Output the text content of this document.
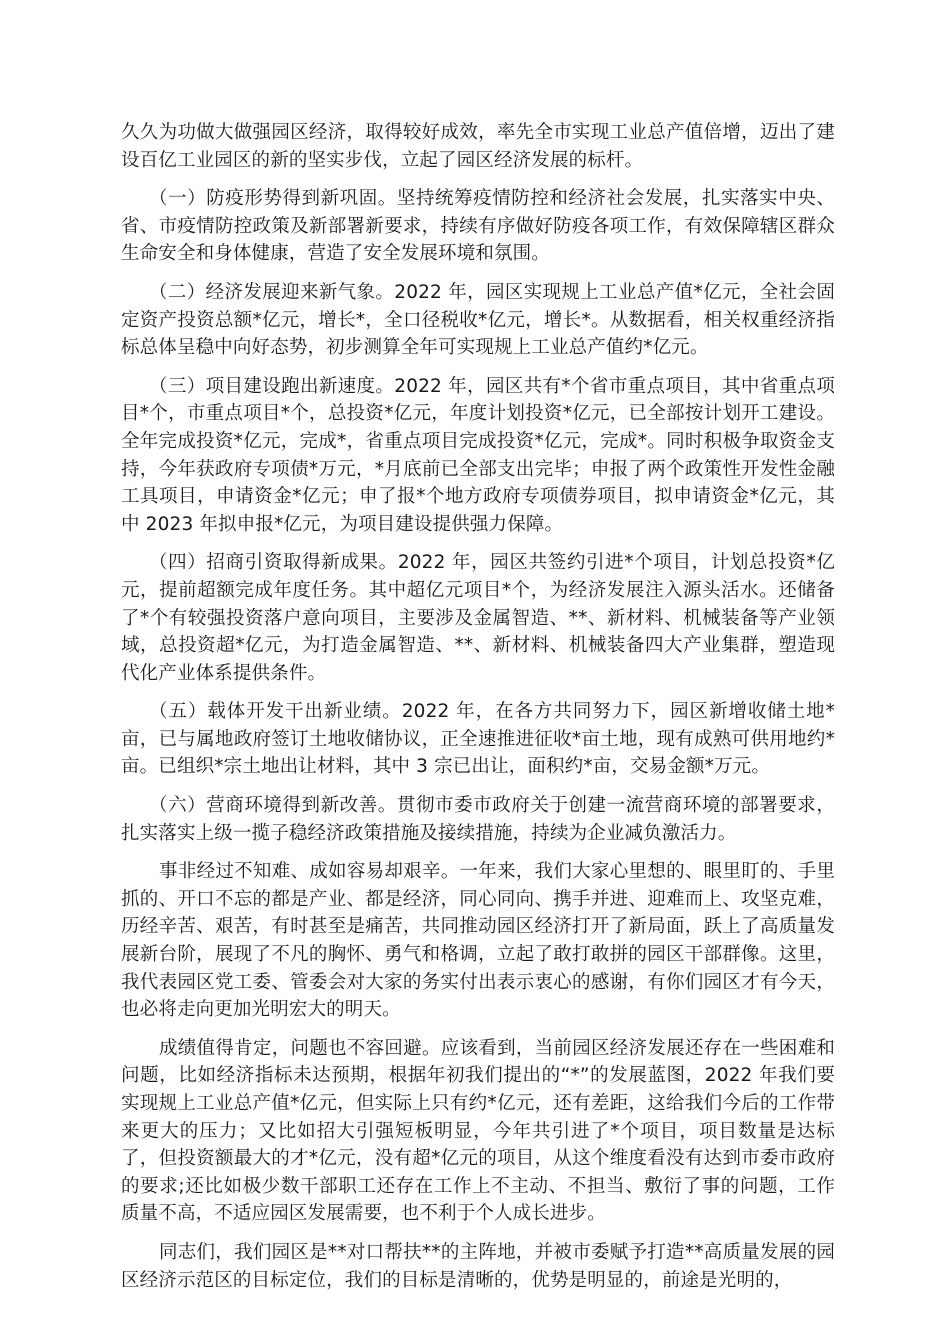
久久为功做大做强园区经济，取得较好成效，率先全市实现工业总产值倍增，迈出了建设百亿工业园区的新的坚实步伐，立起了园区经济发展的标杆。

（一）防疫形势得到新巩固。坚持统筹疫情防控和经济社会发展，扎实落实中央、省、市疫情防控政策及新部署新要求，持续有序做好防疫各项工作，有效保障辖区群众生命安全和身体健康，营造了安全发展环境和氛围。

（二）经济发展迎来新气象。2022 年，园区实现规上工业总产值*亿元，全社会固定资产投资总额*亿元，增长*，全口径税收*亿元，增长*。从数据看，相关权重经济指标总体呈稳中向好态势，初步测算全年可实现规上工业总产值约*亿元。

（三）项目建设跑出新速度。2022 年，园区共有*个省市重点项目，其中省重点项目*个，市重点项目*个，总投资*亿元，年度计划投资*亿元，已全部按计划开工建设。全年完成投资*亿元，完成*，省重点项目完成投资*亿元，完成*。同时积极争取资金支持，今年获政府专项债*万元，*月底前已全部支出完毕；申报了两个政策性开发性金融工具项目，申请资金*亿元；申了报*个地方政府专项债券项目，拟申请资金*亿元，其中 2023 年拟申报*亿元，为项目建设提供强力保障。

（四）招商引资取得新成果。2022 年，园区共签约引进*个项目，计划总投资*亿元，提前超额完成年度任务。其中超亿元项目*个，为经济发展注入源头活水。还储备了*个有较强投资落户意向项目，主要涉及金属智造、**、新材料、机械装备等产业领域，总投资超*亿元，为打造金属智造、**、新材料、机械装备四大产业集群，塑造现代化产业体系提供条件。

（五）载体开发干出新业绩。2022 年，在各方共同努力下，园区新增收储土地*亩，已与属地政府签订土地收储协议，正全速推进征收*亩土地，现有成熟可供用地约*亩。已组织*宗土地出让材料，其中 3 宗已出让，面积约*亩，交易金额*万元。

（六）营商环境得到新改善。贯彻市委市政府关于创建一流营商环境的部署要求，扎实落实上级一揽子稳经济政策措施及接续措施，持续为企业减负激活力。

事非经过不知难、成如容易却艰辛。一年来，我们大家心里想的、眼里盯的、手里抓的、开口不忘的都是产业、都是经济，同心同向、携手并进、迎难而上、攻坚克难，历经辛苦、艰苦，有时甚至是痛苦，共同推动园区经济打开了新局面，跃上了高质量发展新台阶，展现了不凡的胸怀、勇气和格调，立起了敢打敢拼的园区干部群像。这里，我代表园区党工委、管委会对大家的务实付出表示衷心的感谢，有你们园区才有今天，也必将走向更加光明宏大的明天。

成绩值得肯定，问题也不容回避。应该看到，当前园区经济发展还存在一些困难和问题，比如经济指标未达预期，根据年初我们提出的“*”的发展蓝图，2022 年我们要实现规上工业总产值*亿元，但实际上只有约*亿元，还有差距，这给我们今后的工作带来更大的压力；又比如招大引强短板明显，今年共引进了*个项目，项目数量是达标了，但投资额最大的才*亿元，没有超*亿元的项目，从这个维度看没有达到市委市政府的要求;还比如极少数干部职工还存在工作上不主动、不担当、敷衍了事的问题，工作质量不高，不适应园区发展需要，也不利于个人成长进步。

同志们，我们园区是**对口帮扶**的主阵地，并被市委赋予打造**高质量发展的园区经济示范区的目标定位，我们的目标是清晰的，优势是明显的，前途是光明的，
